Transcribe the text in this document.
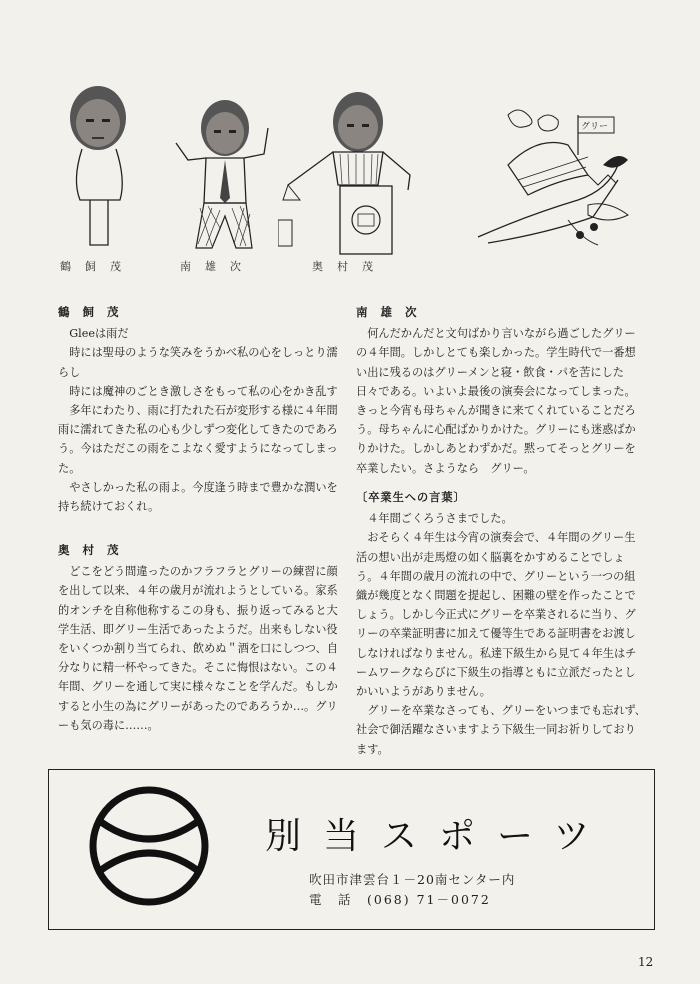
グリー
鶴飼茂	南雄次	奥村茂
鶴飼茂

Gleeは雨だ

時には聖母のような笑みをうかべ私の心をしっとり濡らし

時には魔神のごとき激しさをもって私の心をかき乱す

多年にわたり、雨に打たれた石が変形する様に４年間雨に濡れてきた私の心も少しずつ変化してきたのであろう。今はただこの雨をこよなく愛すようになってしまった。

やさしかった私の雨よ。今度逢う時まで豊かな潤いを持ち続けておくれ。

奥村茂

どこをどう間違ったのかフラフラとグリーの練習に顔を出して以来、４年の歳月が流れようとしている。家系的オンチを自称他称するこの身も、振り返ってみると大学生活、即グリー生活であったようだ。出来もしない役をいくつか割り当てられ、飲めぬ＂酒を口にしつつ、自分なりに精一杯やってきた。そこに悔恨はない。この４年間、グリーを通して実に様々なことを学んだ。もしかすると小生の為にグリーがあったのであろうか…。グリーも気の毒に……。

南雄次

何んだかんだと文句ばかり言いながら過ごしたグリーの４年間。しかしとても楽しかった。学生時代で一番想い出に残るのはグリーメンと寝・飲食・パを苦にした日々である。いよいよ最後の演奏会になってしまった。きっと今宵も母ちゃんが聞きに来てくれていることだろう。母ちゃんに心配ばかりかけた。グリーにも迷惑ばかりかけた。しかしあとわずかだ。黙ってそっとグリーを卒業したい。さようなら　グリー。

〔卒業生への言葉〕

４年間ごくろうさまでした。

おそらく４年生は今宵の演奏会で、４年間のグリー生活の想い出が走馬燈の如く脳裏をかすめることでしょう。４年間の歳月の流れの中で、グリーという一つの組織が幾度となく問題を提起し、困難の壁を作ったことでしょう。しかし今正式にグリーを卒業されるに当り、グリーの卒業証明書に加えて優等生である証明書をお渡ししなければなりません。私達下級生から見て４年生はチームワークならびに下級生の指導ともに立派だったとしかいいようがありません。

グリーを卒業なさっても、グリーをいつまでも忘れず、社会で御活躍なさいますよう下級生一同お祈りしております。

別当スポーツ
吹田市津雲台１－20南センター内
電　話　(068) 71－0072
12
